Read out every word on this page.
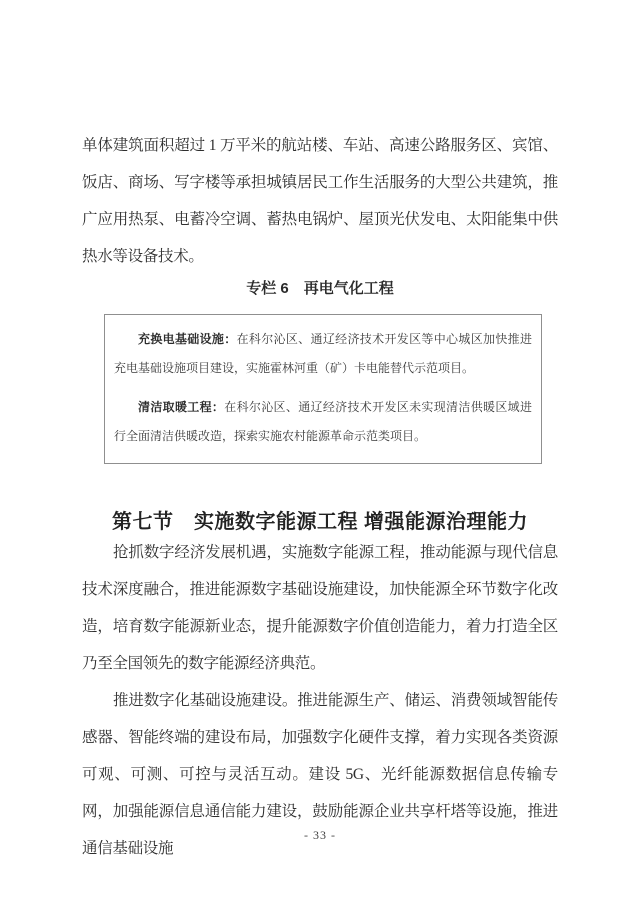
单体建筑面积超过 1 万平米的航站楼、车站、高速公路服务区、宾馆、饭店、商场、写字楼等承担城镇居民工作生活服务的大型公共建筑，推广应用热泵、电蓄冷空调、蓄热电锅炉、屋顶光伏发电、太阳能集中供热水等设备技术。

专栏 6　再电气化工程

充换电基础设施：在科尔沁区、通辽经济技术开发区等中心城区加快推进充电基础设施项目建设，实施霍林河重（矿）卡电能替代示范项目。

清洁取暖工程：在科尔沁区、通辽经济技术开发区未实现清洁供暖区域进行全面清洁供暖改造，探索实施农村能源革命示范类项目。

第七节　实施数字能源工程 增强能源治理能力

抢抓数字经济发展机遇，实施数字能源工程，推动能源与现代信息技术深度融合，推进能源数字基础设施建设，加快能源全环节数字化改造，培育数字能源新业态，提升能源数字价值创造能力，着力打造全区乃至全国领先的数字能源经济典范。

推进数字化基础设施建设。推进能源生产、储运、消费领域智能传感器、智能终端的建设布局，加强数字化硬件支撑，着力实现各类资源可观、可测、可控与灵活互动。建设 5G、光纤能源数据信息传输专网，加强能源信息通信能力建设，鼓励能源企业共享杆塔等设施，推进通信基础设施

- 33 -
